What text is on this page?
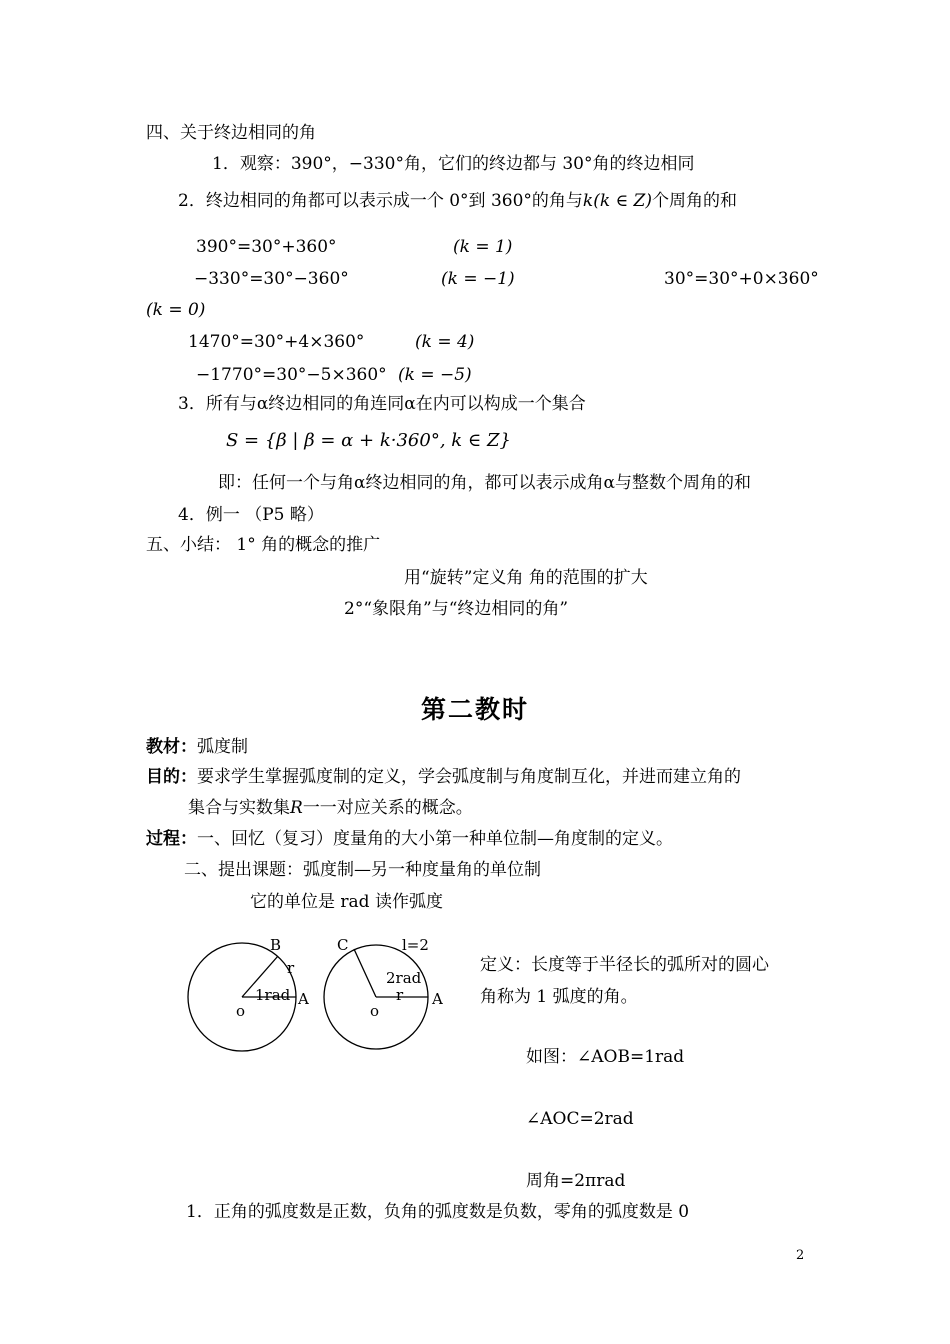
四、关于终边相同的角
1．观察：390°，−330°角，它们的终边都与 30°角的终边相同
2．终边相同的角都可以表示成一个 0°到 360°的角与k(k ∈ Z)个周角的和
390°=30°+360°	(k = 1)
−330°=30°−360°	(k = −1)	30°=30°+0×360°
(k = 0)
1470°=30°+4×360°	(k = 4)
−1770°=30°−5×360° (k = −5)
3．所有与α终边相同的角连同α在内可以构成一个集合
S = {β | β = α + k·360°, k ∈ Z}
即：任何一个与角α终边相同的角，都可以表示成角α与整数个周角的和
4．例一 （P5 略）
五、小结： 1° 角的概念的推广
用“旋转”定义角 角的范围的扩大
2°“象限角”与“终边相同的角”
第二教时
教材：弧度制
目的：要求学生掌握弧度制的定义，学会弧度制与角度制互化，并进而建立角的
集合与实数集R一一对应关系的概念。
过程：一、回忆（复习）度量角的大小第一种单位制—角度制的定义。
二、提出课题：弧度制—另一种度量角的单位制
它的单位是 rad 读作弧度
B
r
1rad A
o
C	l=2
2rad
r A
o
定义：长度等于半径长的弧所对的圆心
角称为 1 弧度的角。
如图：∠AOB=1rad
∠AOC=2rad
周角=2πrad
1．正角的弧度数是正数，负角的弧度数是负数，零角的弧度数是 0
2
